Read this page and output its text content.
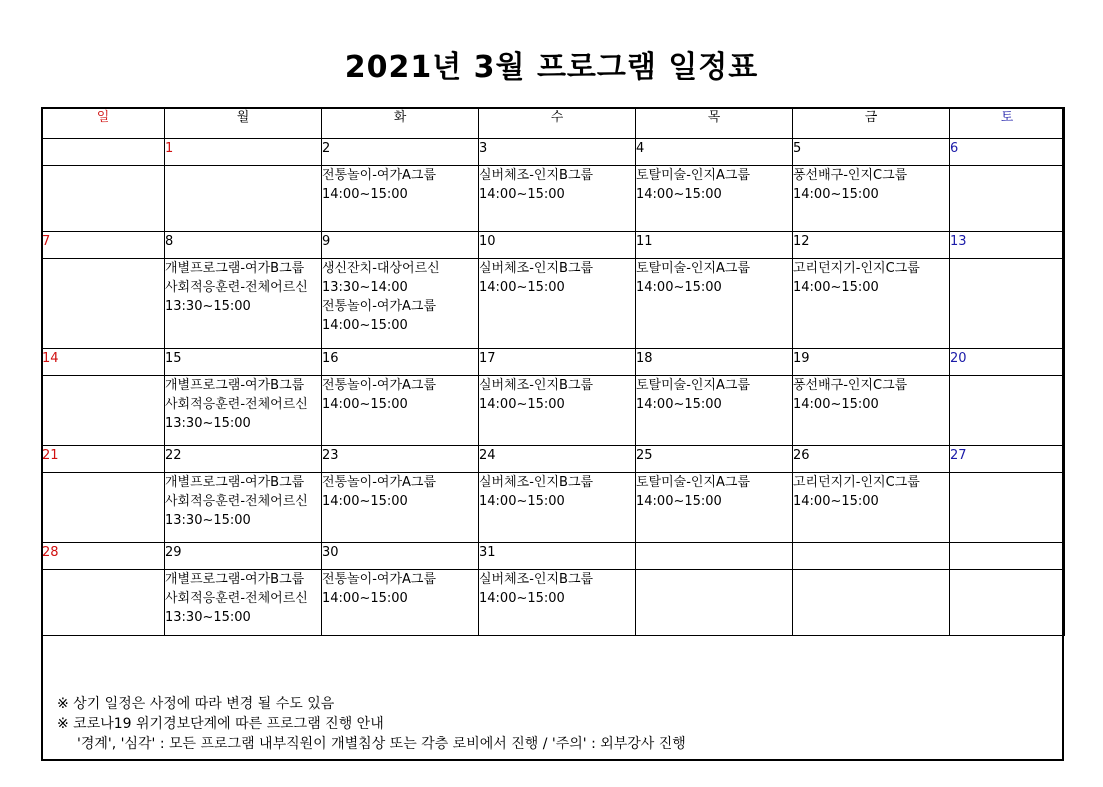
2021년 3월 프로그램 일정표
일	월	화	수	목	금	토
	1	2	3	4	5	6

		전통놀이-여가A그룹
14:00~15:00	실버체조-인지B그룹
14:00~15:00	토탈미술-인지A그룹
14:00~15:00	풍선배구-인지C그룹
14:00~15:00	

7	8	9	10	11	12	13

	개별프로그램-여가B그룹
사회적응훈련-전체어르신
13:30~15:00	생신잔치-대상어르신
13:30~14:00
전통놀이-여가A그룹
14:00~15:00	실버체조-인지B그룹
14:00~15:00	토탈미술-인지A그룹
14:00~15:00	고리던지기-인지C그룹
14:00~15:00	

14	15	16	17	18	19	20

	개별프로그램-여가B그룹
사회적응훈련-전체어르신
13:30~15:00	전통놀이-여가A그룹
14:00~15:00	실버체조-인지B그룹
14:00~15:00	토탈미술-인지A그룹
14:00~15:00	풍선배구-인지C그룹
14:00~15:00	

21	22	23	24	25	26	27

	개별프로그램-여가B그룹
사회적응훈련-전체어르신
13:30~15:00	전통놀이-여가A그룹
14:00~15:00	실버체조-인지B그룹
14:00~15:00	토탈미술-인지A그룹
14:00~15:00	고리던지기-인지C그룹
14:00~15:00	

28	29	30	31			

	개별프로그램-여가B그룹
사회적응훈련-전체어르신
13:30~15:00	전통놀이-여가A그룹
14:00~15:00	실버체조-인지B그룹
14:00~15:00			

※ 상기 일정은 사정에 따라 변경 될 수도 있음
※ 코로나19 위기경보단계에 따른 프로그램 진행 안내
'경계', '심각' : 모든 프로그램 내부직원이 개별침상 또는 각층 로비에서 진행 / '주의' : 외부강사 진행
